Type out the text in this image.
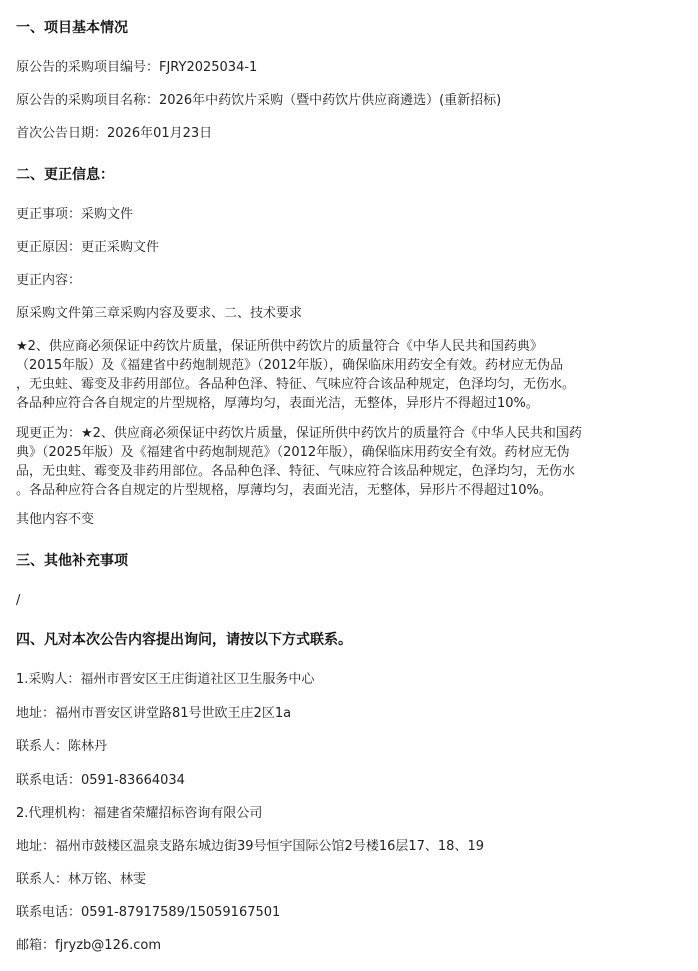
一、项目基本情况
原公告的采购项目编号：FJRY2025034-1
原公告的采购项目名称：2026年中药饮片采购（暨中药饮片供应商遴选）(重新招标)
首次公告日期：2026年01月23日
二、更正信息：
更正事项：采购文件
更正原因：更正采购文件
更正内容：
原采购文件第三章采购内容及要求、二、技术要求
★2、供应商必须保证中药饮片质量，保证所供中药饮片的质量符合《中华人民共和国药典》
（2015年版）及《福建省中药炮制规范》（2012年版），确保临床用药安全有效。药材应无伪品
，无虫蛀、霉变及非药用部位。各品种色泽、特征、气味应符合该品种规定，色泽均匀，无伤水。
各品种应符合各自规定的片型规格，厚薄均匀，表面光洁，无整体，异形片不得超过10%。
现更正为：★2、供应商必须保证中药饮片质量，保证所供中药饮片的质量符合《中华人民共和国药
典》（2025年版）及《福建省中药炮制规范》（2012年版），确保临床用药安全有效。药材应无伪
品，无虫蛀、霉变及非药用部位。各品种色泽、特征、气味应符合该品种规定，色泽均匀，无伤水
。各品种应符合各自规定的片型规格，厚薄均匀，表面光洁，无整体，异形片不得超过10%。
其他内容不变
三、其他补充事项
/
四、凡对本次公告内容提出询问，请按以下方式联系。
1.采购人：福州市晋安区王庄街道社区卫生服务中心
地址：福州市晋安区讲堂路81号世欧王庄2区1a
联系人：陈林丹
联系电话：0591-83664034
2.代理机构：福建省荣耀招标咨询有限公司
地址：福州市鼓楼区温泉支路东城边街39号恒宇国际公馆2号楼16层17、18、19
联系人：林万铭、林雯
联系电话：0591-87917589/15059167501
邮箱：fjryzb@126.com
